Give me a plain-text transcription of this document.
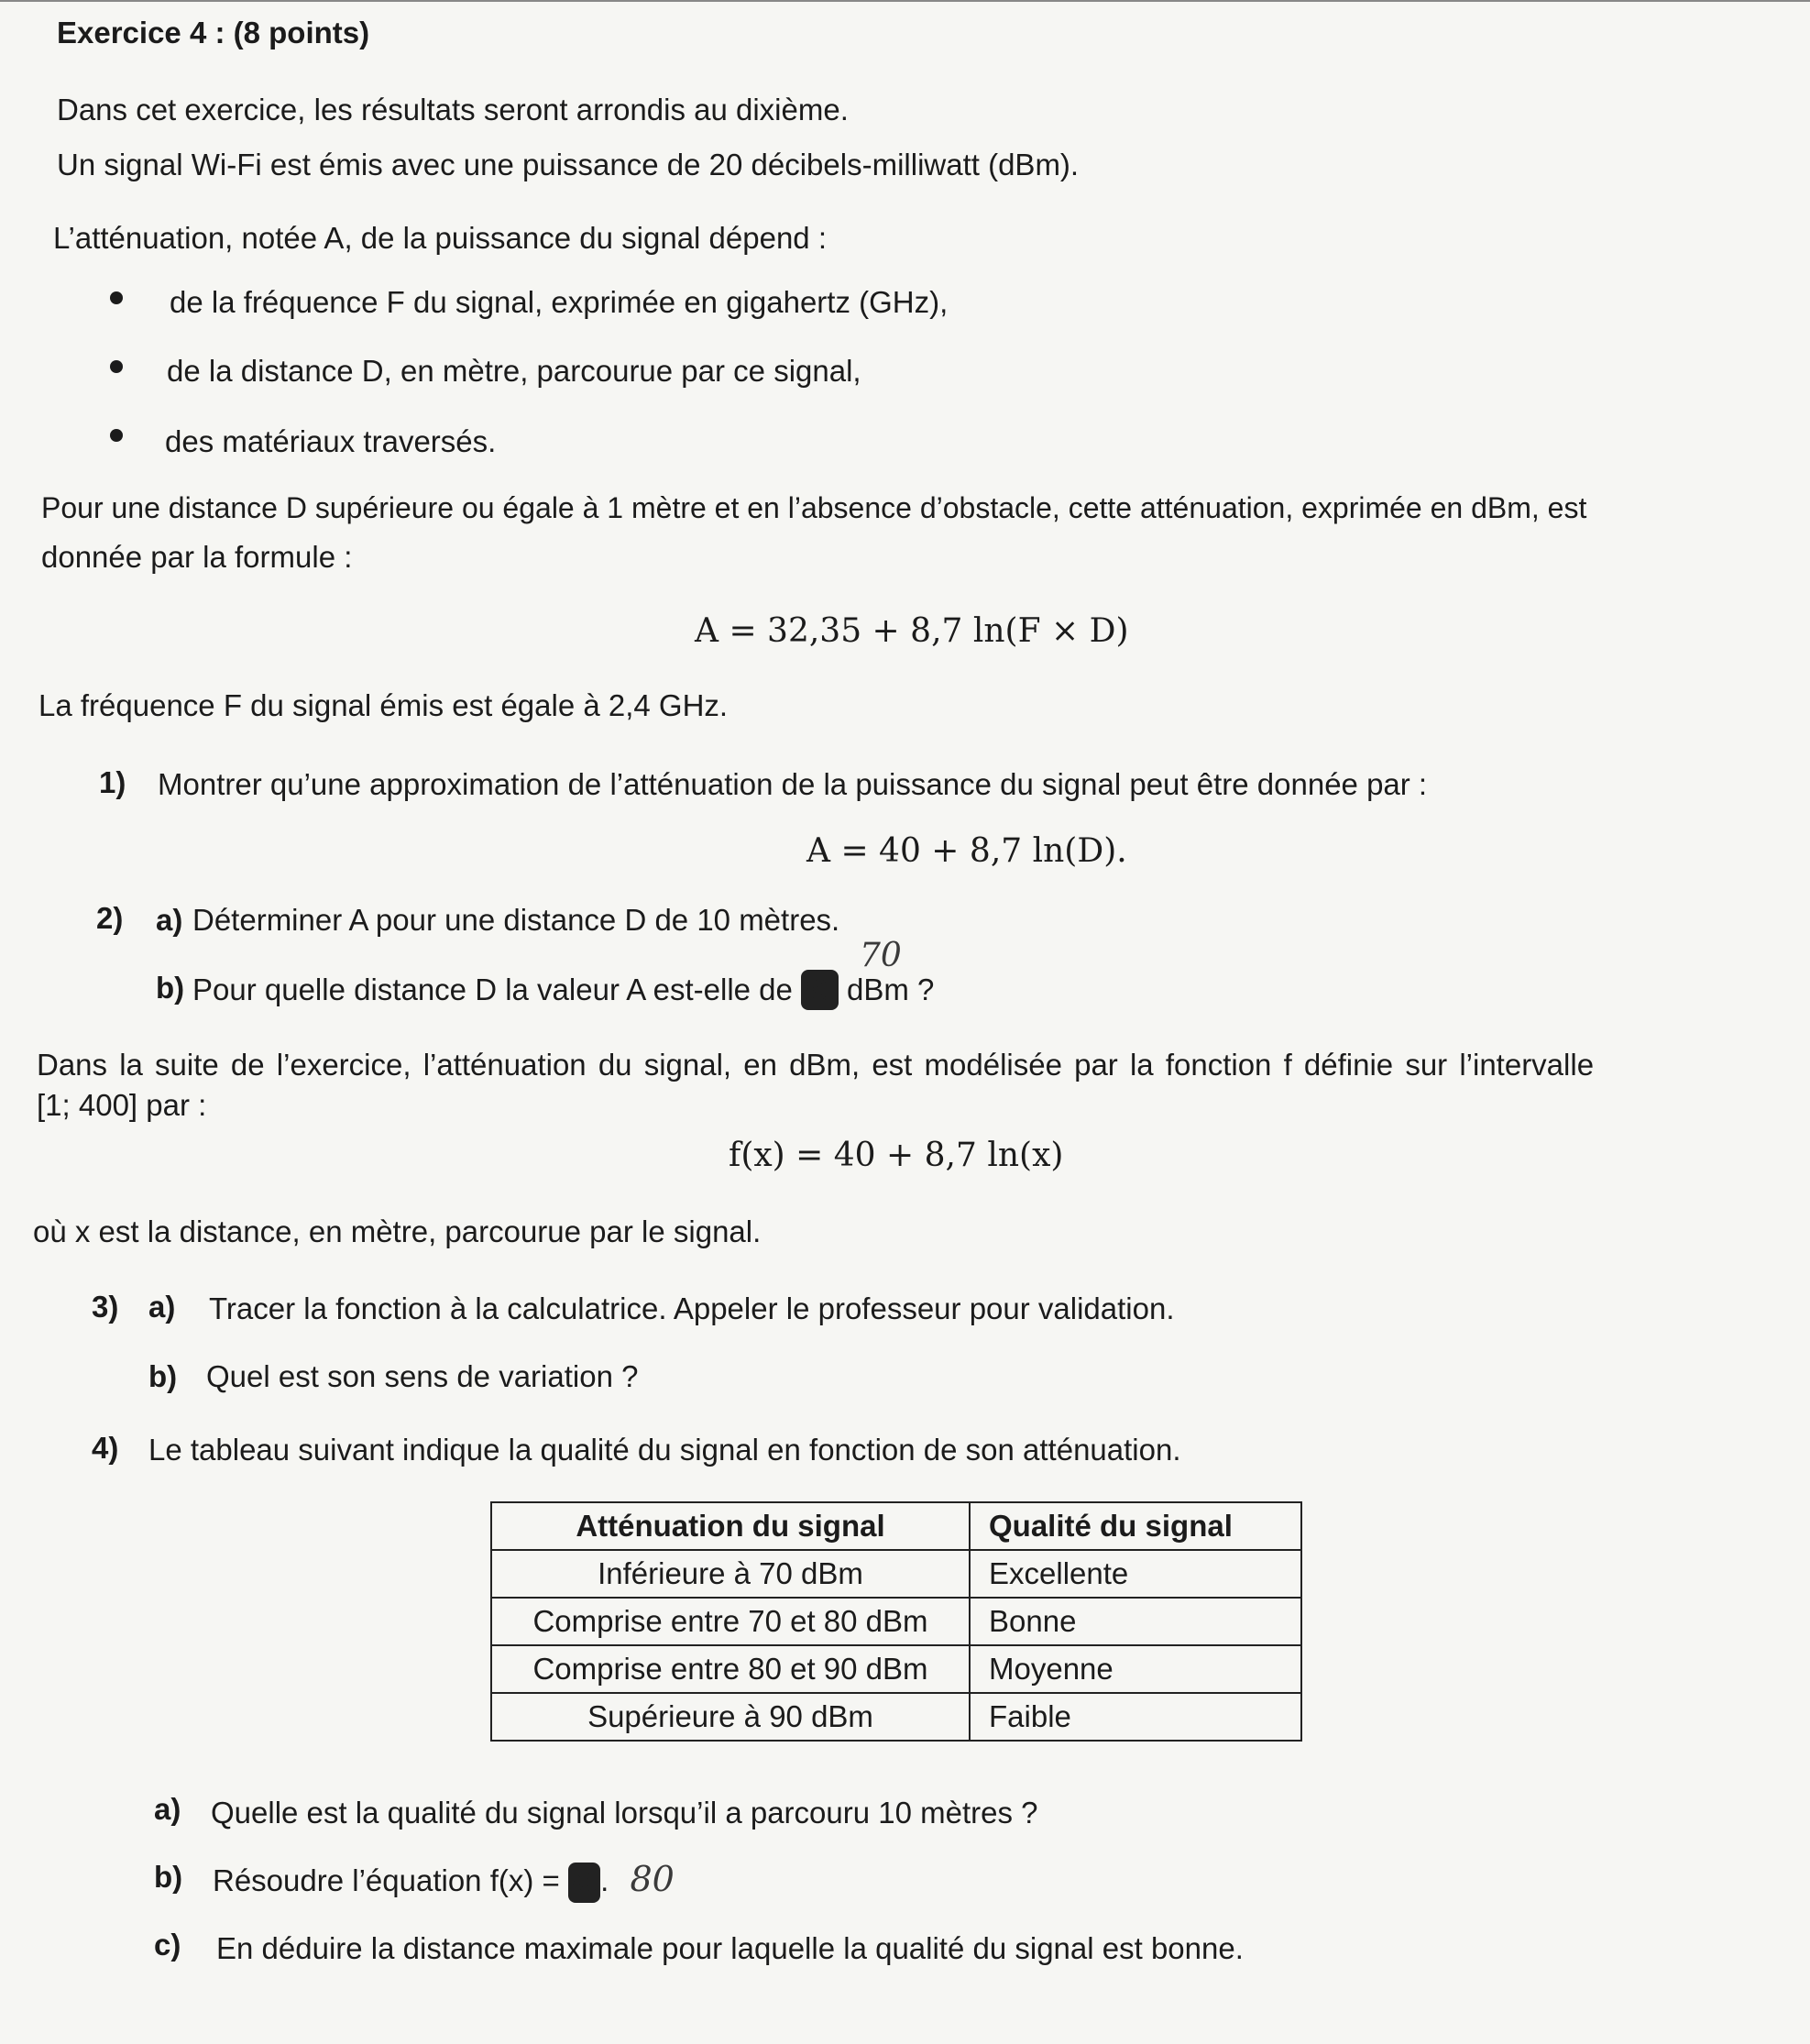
Exercice 4 : (8 points)
Dans cet exercice, les résultats seront arrondis au dixième.
Un signal Wi-Fi est émis avec une puissance de 20 décibels-milliwatt (dBm).
L’atténuation, notée A, de la puissance du signal dépend :
de la fréquence F du signal, exprimée en gigahertz (GHz),
de la distance D, en mètre, parcourue par ce signal,
des matériaux traversés.
Pour une distance D supérieure ou égale à 1 mètre et en l’absence d’obstacle, cette atténuation, exprimée en dBm, est
donnée par la formule :
A = 32,35 + 8,7 ln(F × D)
La fréquence F du signal émis est égale à 2,4 GHz.
1) Montrer qu’une approximation de l’atténuation de la puissance du signal peut être donnée par :
A = 40 + 8,7 ln(D).
2) a) Déterminer A pour une distance D de 10 mètres.
70
b) Pour quelle distance D la valeur A est-elle de 80 dBm ?
Dans la suite de l’exercice, l’atténuation du signal, en dBm, est modélisée par la fonction f définie sur l’intervalle
[1; 400] par :
f(x) = 40 + 8,7 ln(x)
où x est la distance, en mètre, parcourue par le signal.
3) a) Tracer la fonction à la calculatrice. Appeler le professeur pour validation.
b) Quel est son sens de variation ?
4) Le tableau suivant indique la qualité du signal en fonction de son atténuation.
Atténuation du signal	Qualité du signal
Inférieure à 70 dBm	Excellente
Comprise entre 70 et 80 dBm	Bonne
Comprise entre 80 et 90 dBm	Moyenne
Supérieure à 90 dBm	Faible
a) Quelle est la qualité du signal lorsqu’il a parcouru 10 mètres ?
b) Résoudre l’équation f(x) = 90. 80
c) En déduire la distance maximale pour laquelle la qualité du signal est bonne.
